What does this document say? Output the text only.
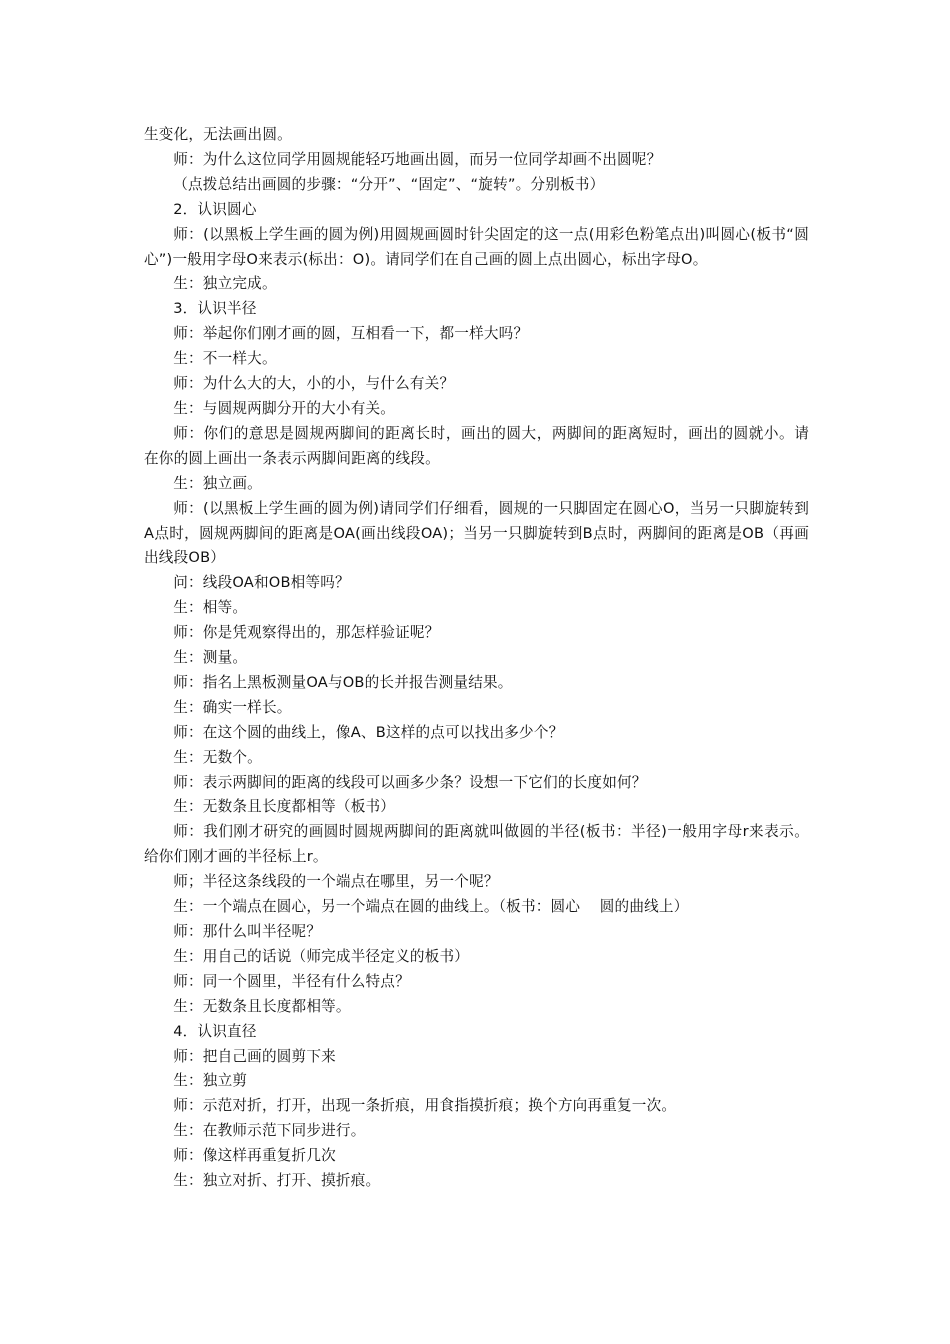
生变化，无法画出圆。

师：为什么这位同学用圆规能轻巧地画出圆，而另一位同学却画不出圆呢？

（点拨总结出画圆的步骤：“分开”、“固定”、“旋转”。分别板书）

2．认识圆心

师：(以黑板上学生画的圆为例)用圆规画圆时针尖固定的这一点(用彩色粉笔点出)叫圆心(板书“圆心”)一般用字母O来表示(标出：O)。请同学们在自己画的圆上点出圆心，标出字母O。

生：独立完成。

3．认识半径

师：举起你们刚才画的圆，互相看一下，都一样大吗？

生：不一样大。

师：为什么大的大，小的小，与什么有关？

生：与圆规两脚分开的大小有关。

师：你们的意思是圆规两脚间的距离长时，画出的圆大，两脚间的距离短时，画出的圆就小。请在你的圆上画出一条表示两脚间距离的线段。

生：独立画。

师：(以黑板上学生画的圆为例)请同学们仔细看，圆规的一只脚固定在圆心O，当另一只脚旋转到A点时，圆规两脚间的距离是OA(画出线段OA)；当另一只脚旋转到B点时，两脚间的距离是OB（再画出线段OB）

问：线段OA和OB相等吗？

生：相等。

师：你是凭观察得出的，那怎样验证呢？

生：测量。

师：指名上黑板测量OA与OB的长并报告测量结果。

生：确实一样长。

师：在这个圆的曲线上，像A、B这样的点可以找出多少个？

生：无数个。

师：表示两脚间的距离的线段可以画多少条？设想一下它们的长度如何？

生：无数条且长度都相等（板书）

师：我们刚才研究的画圆时圆规两脚间的距离就叫做圆的半径(板书：半径)一般用字母r来表示。给你们刚才画的半径标上r。

师；半径这条线段的一个端点在哪里，另一个呢？

生：一个端点在圆心，另一个端点在圆的曲线上。（板书：圆心　 圆的曲线上）

师：那什么叫半径呢？

生：用自己的话说（师完成半径定义的板书）

师：同一个圆里，半径有什么特点？

生：无数条且长度都相等。

4．认识直径

师：把自己画的圆剪下来

生：独立剪

师：示范对折，打开，出现一条折痕，用食指摸折痕；换个方向再重复一次。

生：在教师示范下同步进行。

师：像这样再重复折几次

生：独立对折、打开、摸折痕。
